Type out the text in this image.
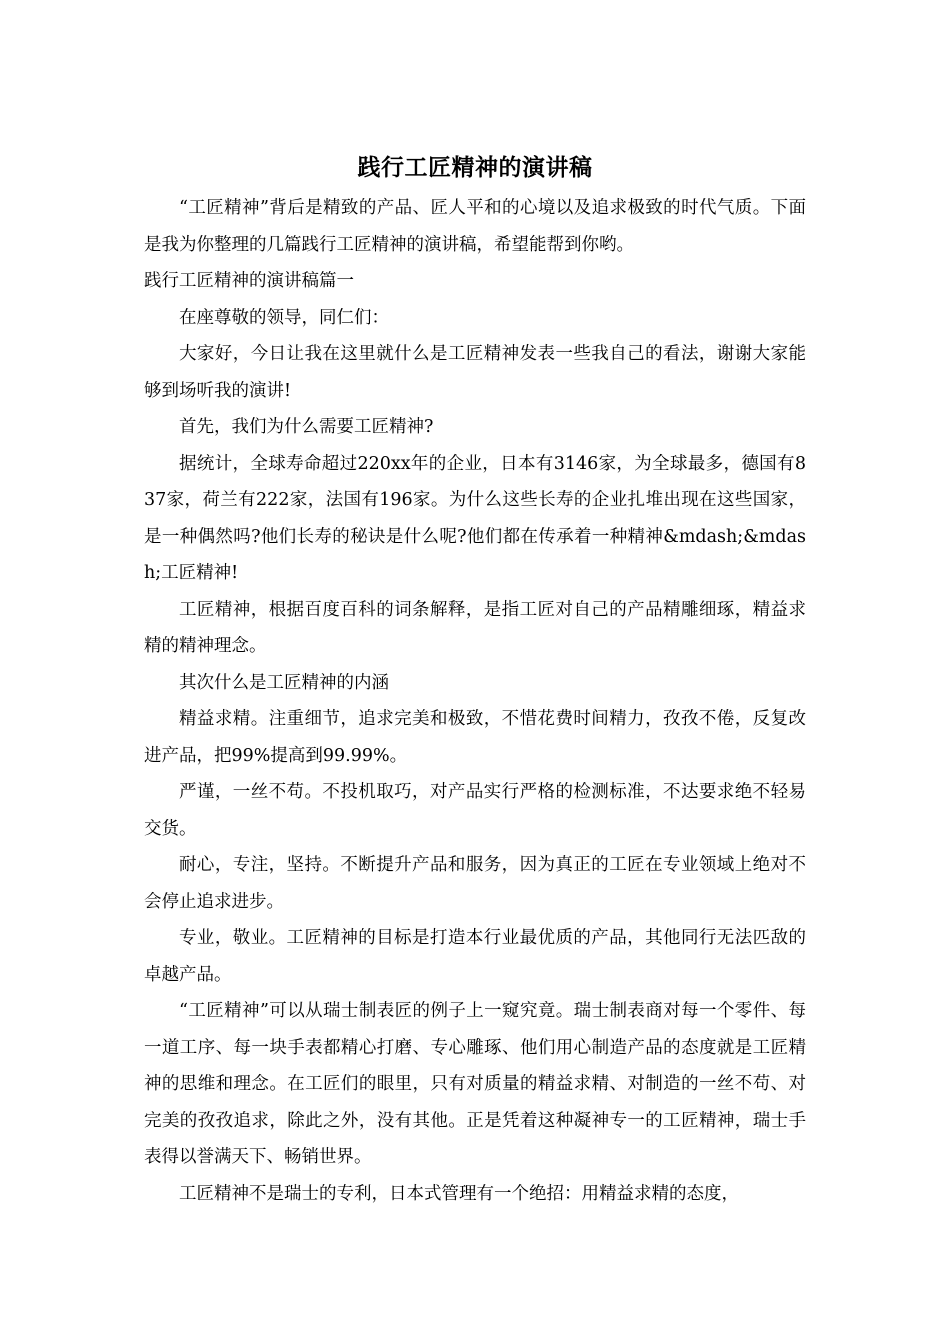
践行工匠精神的演讲稿

“工匠精神”背后是精致的产品、匠人平和的心境以及追求极致的时代气质。下面是我为你整理的几篇践行工匠精神的演讲稿，希望能帮到你哟。

践行工匠精神的演讲稿篇一

在座尊敬的领导，同仁们：

大家好，今日让我在这里就什么是工匠精神发表一些我自己的看法，谢谢大家能够到场听我的演讲!

首先，我们为什么需要工匠精神?

据统计，全球寿命超过220xx年的企业，日本有3146家，为全球最多，德国有837家，荷兰有222家，法国有196家。为什么这些长寿的企业扎堆出现在这些国家，是一种偶然吗?他们长寿的秘诀是什么呢?他们都在传承着一种精神&mdash;&mdash;工匠精神!

工匠精神，根据百度百科的词条解释，是指工匠对自己的产品精雕细琢，精益求精的精神理念。

其次什么是工匠精神的内涵

精益求精。注重细节，追求完美和极致，不惜花费时间精力，孜孜不倦，反复改进产品，把99%提高到99.99%。

严谨，一丝不苟。不投机取巧，对产品实行严格的检测标准，不达要求绝不轻易交货。

耐心，专注，坚持。不断提升产品和服务，因为真正的工匠在专业领域上绝对不会停止追求进步。

专业，敬业。工匠精神的目标是打造本行业最优质的产品，其他同行无法匹敌的卓越产品。

“工匠精神”可以从瑞士制表匠的例子上一窥究竟。瑞士制表商对每一个零件、每一道工序、每一块手表都精心打磨、专心雕琢、他们用心制造产品的态度就是工匠精神的思维和理念。在工匠们的眼里，只有对质量的精益求精、对制造的一丝不苟、对完美的孜孜追求，除此之外，没有其他。正是凭着这种凝神专一的工匠精神，瑞士手表得以誉满天下、畅销世界。

工匠精神不是瑞士的专利，日本式管理有一个绝招：用精益求精的态度，
